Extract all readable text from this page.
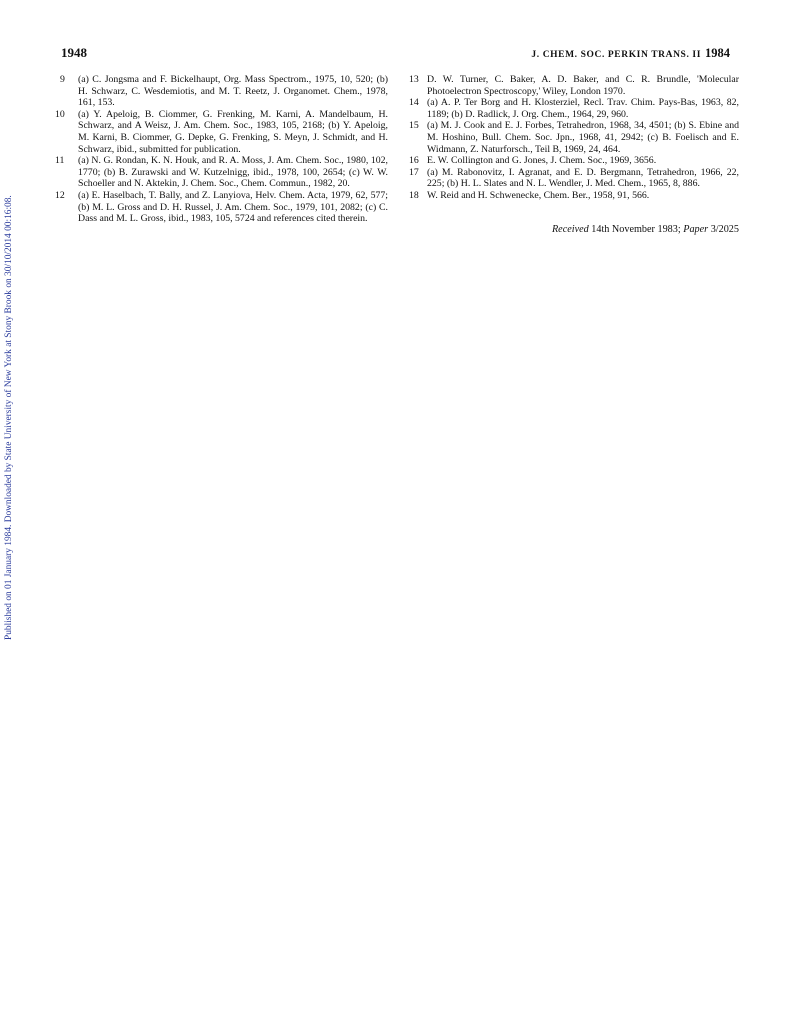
Published on 01 January 1984. Downloaded by State University of New York at Stony Brook on 30/10/2014 00:16:08.
1948	J. CHEM. SOC. PERKIN TRANS. II 1984

9 (a) C. Jongsma and F. Bickelhaupt, Org. Mass Spectrom., 1975, 10, 520; (b) H. Schwarz, C. Wesdemiotis, and M. T. Reetz, J. Organomet. Chem., 1978, 161, 153.

10 (a) Y. Apeloig, B. Ciommer, G. Frenking, M. Karni, A. Mandelbaum, H. Schwarz, and A Weisz, J. Am. Chem. Soc., 1983, 105, 2168; (b) Y. Apeloig, M. Karni, B. Ciommer, G. Depke, G. Frenking, S. Meyn, J. Schmidt, and H. Schwarz, ibid., submitted for publication.

11 (a) N. G. Rondan, K. N. Houk, and R. A. Moss, J. Am. Chem. Soc., 1980, 102, 1770; (b) B. Zurawski and W. Kutzelnigg, ibid., 1978, 100, 2654; (c) W. W. Schoeller and N. Aktekin, J. Chem. Soc., Chem. Commun., 1982, 20.

12 (a) E. Haselbach, T. Bally, and Z. Lanyiova, Helv. Chem. Acta, 1979, 62, 577; (b) M. L. Gross and D. H. Russel, J. Am. Chem. Soc., 1979, 101, 2082; (c) C. Dass and M. L. Gross, ibid., 1983, 105, 5724 and references cited therein.

13 D. W. Turner, C. Baker, A. D. Baker, and C. R. Brundle, 'Molecular Photoelectron Spectroscopy,' Wiley, London 1970.

14 (a) A. P. Ter Borg and H. Klosterziel, Recl. Trav. Chim. Pays-Bas, 1963, 82, 1189; (b) D. Radlick, J. Org. Chem., 1964, 29, 960.

15 (a) M. J. Cook and E. J. Forbes, Tetrahedron, 1968, 34, 4501; (b) S. Ebine and M. Hoshino, Bull. Chem. Soc. Jpn., 1968, 41, 2942; (c) B. Foelisch and E. Widmann, Z. Naturforsch., Teil B, 1969, 24, 464.

16 E. W. Collington and G. Jones, J. Chem. Soc., 1969, 3656.

17 (a) M. Rabonovitz, I. Agranat, and E. D. Bergmann, Tetrahedron, 1966, 22, 225; (b) H. L. Slates and N. L. Wendler, J. Med. Chem., 1965, 8, 886.

18 W. Reid and H. Schwenecke, Chem. Ber., 1958, 91, 566.

Received 14th November 1983; Paper 3/2025
